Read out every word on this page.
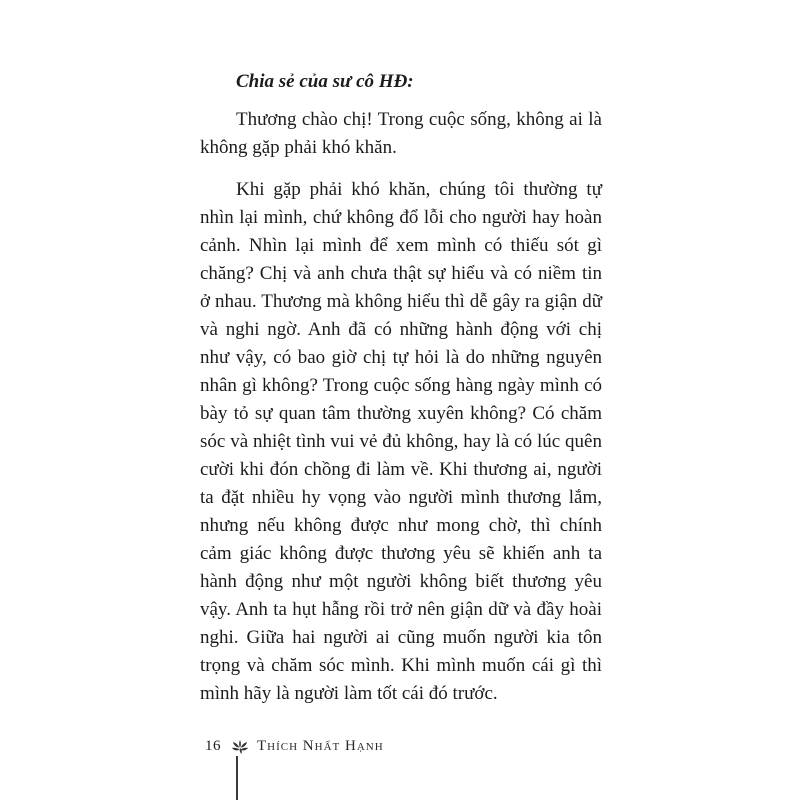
Chia sẻ của sư cô HĐ:

Thương chào chị! Trong cuộc sống, không ai là không gặp phải khó khăn.

Khi gặp phải khó khăn, chúng tôi thường tự nhìn lại mình, chứ không đổ lỗi cho người hay hoàn cảnh. Nhìn lại mình để xem mình có thiếu sót gì chăng? Chị và anh chưa thật sự hiểu và có niềm tin ở nhau. Thương mà không hiểu thì dễ gây ra giận dữ và nghi ngờ. Anh đã có những hành động với chị như vậy, có bao giờ chị tự hỏi là do những nguyên nhân gì không? Trong cuộc sống hàng ngày mình có bày tỏ sự quan tâm thường xuyên không? Có chăm sóc và nhiệt tình vui vẻ đủ không, hay là có lúc quên cười khi đón chồng đi làm về. Khi thương ai, người ta đặt nhiều hy vọng vào người mình thương lắm, nhưng nếu không được như mong chờ, thì chính cảm giác không được thương yêu sẽ khiến anh ta hành động như một người không biết thương yêu vậy. Anh ta hụt hẫng rồi trở nên giận dữ và đầy hoài nghi. Giữa hai người ai cũng muốn người kia tôn trọng và chăm sóc mình. Khi mình muốn cái gì thì mình hãy là người làm tốt cái đó trước.

16 Thích Nhất Hạnh
